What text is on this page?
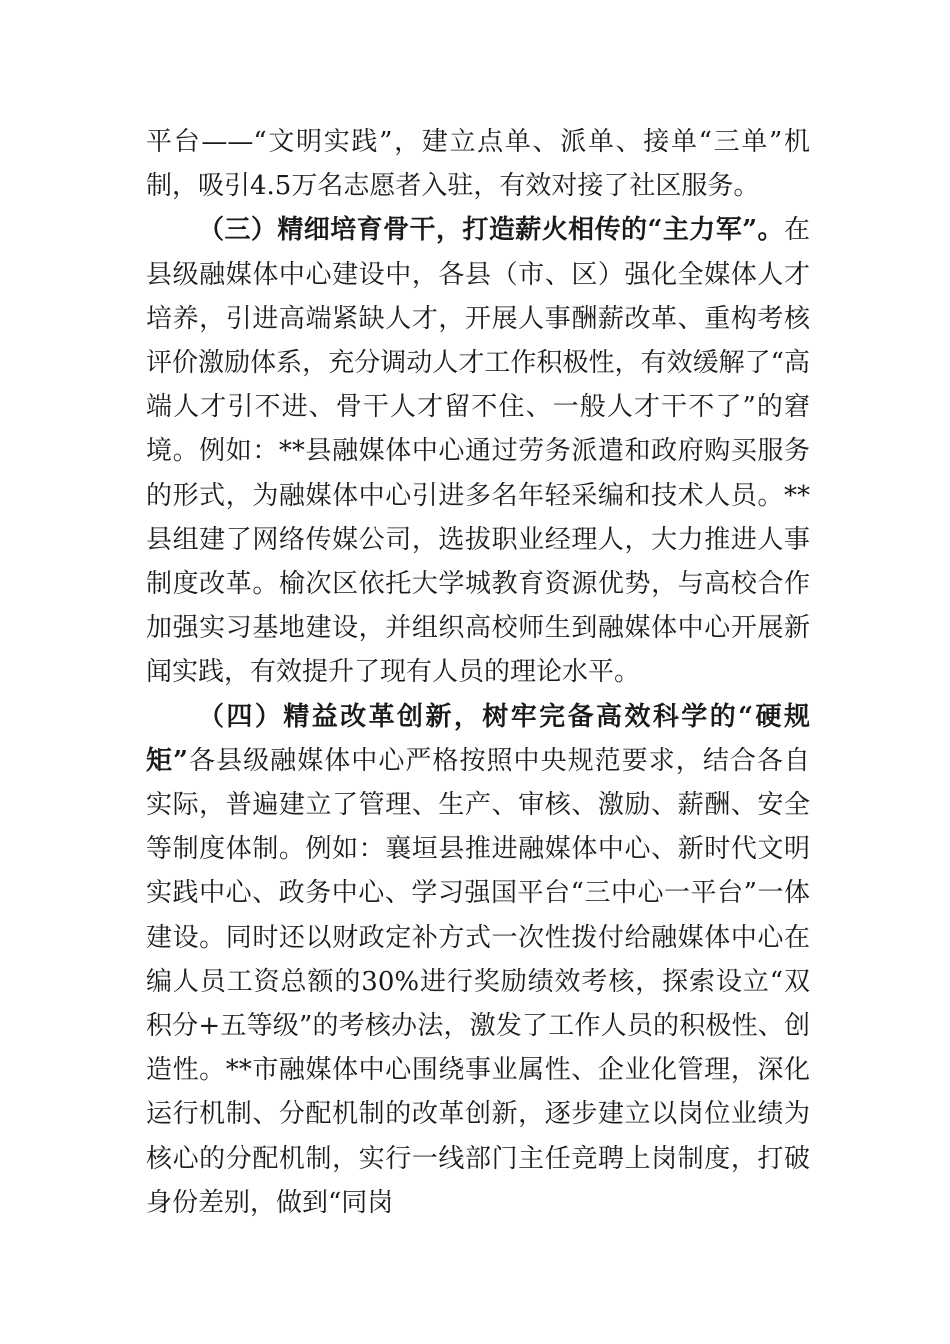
平台——“文明实践”，建立点单、派单、接单“三单”机制，吸引4.5万名志愿者入驻，有效对接了社区服务。

（三）精细培育骨干，打造薪火相传的“主力军”。在县级融媒体中心建设中，各县（市、区）强化全媒体人才培养，引进高端紧缺人才，开展人事酬薪改革、重构考核评价激励体系，充分调动人才工作积极性，有效缓解了“高端人才引不进、骨干人才留不住、一般人才干不了”的窘境。例如：**县融媒体中心通过劳务派遣和政府购买服务的形式，为融媒体中心引进多名年轻采编和技术人员。**县组建了网络传媒公司，选拔职业经理人，大力推进人事制度改革。榆次区依托大学城教育资源优势，与高校合作加强实习基地建设，并组织高校师生到融媒体中心开展新闻实践，有效提升了现有人员的理论水平。

（四）精益改革创新，树牢完备高效科学的“硬规矩”各县级融媒体中心严格按照中央规范要求，结合各自实际，普遍建立了管理、生产、审核、激励、薪酬、安全等制度体制。例如：襄垣县推进融媒体中心、新时代文明实践中心、政务中心、学习强国平台“三中心一平台”一体建设。同时还以财政定补方式一次性拨付给融媒体中心在编人员工资总额的30%进行奖励绩效考核，探索设立“双积分+五等级”的考核办法，激发了工作人员的积极性、创造性。**市融媒体中心围绕事业属性、企业化管理，深化运行机制、分配机制的改革创新，逐步建立以岗位业绩为核心的分配机制，实行一线部门主任竞聘上岗制度，打破身份差别，做到“同岗
